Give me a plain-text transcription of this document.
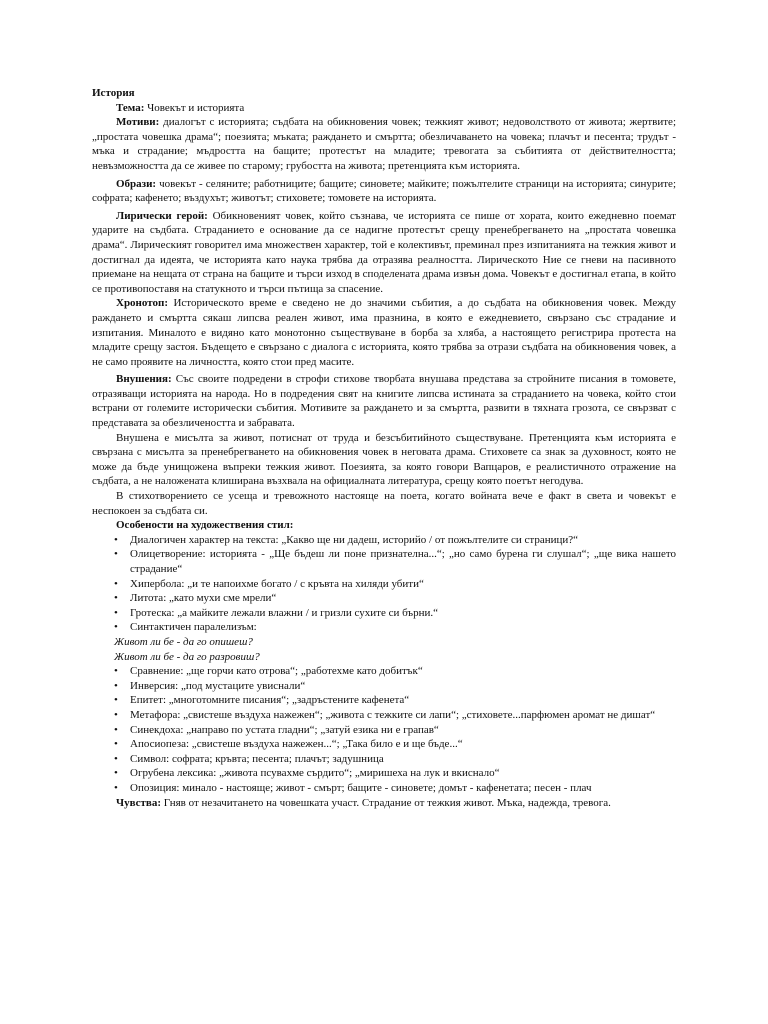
История

Тема: Човекът и историята

Мотиви: диалогът с историята; съдбата на обикновения човек; тежкият живот; недоволството от живота; жертвите; „простата човешка драма“; поезията; мъката; раждането и смъртта; обезличаването на човека; плачът и песента; трудът - мъка и страдание; мъдростта на бащите; протестът на младите; тревогата за събитията от действителността; невъзможността да се живее по старому; грубостта на живота; претенцията към историята.

Образи: човекът - селяните; работниците; бащите; синовете; майките; пожълтелите страници на историята; синурите; софрата; кафенето; въздухът; животът; стиховете; томовете на историята.

Лирически герой: Обикновеният човек, който съзнава, че историята се пише от хората, които ежедневно поемат ударите на съдбата. Страданието е основание да се надигне протестът срещу пренебрегването на „простата човешка драма“. Лирическият говорител има множествен характер, той е колективът, преминал през изпитанията на тежкия живот и достигнал да идеята, че историята като наука трябва да отразява реалността. Лирическото Ние се гневи на пасивното приемане на нещата от страна на бащите и търси изход в споделената драма извън дома. Човекът е достигнал етапа, в който се противопоставя на статукното и търси пътища за спасение.

Хронотоп: Историческото време е сведено не до значими събития, а до съдбата на обикновения човек. Между раждането и смъртта сякаш липсва реален живот, има празнина, в която е ежедневието, свързано със страдание и изпитания. Миналото е видяно като монотонно съществуване в борба за хляба, а настоящето регистрира протеста на младите срещу застоя. Бъдещето е свързано с диалога с историята, която трябва за отрази съдбата на обикновения човек, а не само проявите на личността, която стои пред масите.

Внушения: Със своите подредени в строфи стихове творбата внушава представа за стройните писания в томовете, отразяващи историята на народа. Но в подредения свят на книгите липсва истината за страданието на човека, който стои встрани от големите исторически събития. Мотивите за раждането и за смъртта, развити в тяхната грозота, се свързват с представата за обезличеността и забравата.

Внушена е мисълта за живот, потиснат от труда и безсъбитийното съществуване. Претенцията към историята е свързана с мисълта за пренебрегването на обикновения човек в неговата драма. Стиховете са знак за духовност, която не може да бъде унищожена въпреки тежкия живот. Поезията, за която говори Вапцаров, е реалистичното отражение на съдбата, а не наложената клиширана възхвала на официалната литература, срещу която поетът негодува.

В стихотворението се усеща и тревожното настояще на поета, когато войната вече е факт в света и човекът е неспокоен за съдбата си.

Особености на художествения стил:

•	Диалогичен характер на текста: „Какво ще ни дадеш, историйо / от пожълтелите си страници?“
•	Олицетворение: историята - „Ще бъдеш ли поне признателна...“; „но само бурена ги слушал“; „ще вика нашето страдание“
•	Хипербола: „и те напоихме богато / с кръвта на хиляди убити“
•	Литота: „като мухи сме мрели“
•	Гротеска: „а майките лежали влажни / и гризли сухите си бърни.“
•	Синтактичен паралелизъм:

Живот ли бе - да го опишеш?

Живот ли бе - да го разровиш?

•	Сравнение: „ще горчи като отрова“; „работехме като добитък“
•	Инверсия: „под мустаците увиснали“
•	Епитет: „многотомните писания“; „задръстените кафенета“
•	Метафора: „свистеше въздуха нажежен“; „живота с тежките си лапи“; „стиховете...парфюмен аромат не дишат“
•	Синекдоха: „направо по устата гладни“; „затуй езика ни е грапав“
•	Апосиопеза: „свистеше въздуха нажежен...“; „Така било е и ще бъде...“
•	Символ: софрата; кръвта; песента; плачът; задушница
•	Огрубена лексика: „живота псувахме сърдито“; „миришеха на лук и вкиснало“
•	Опозиция: минало - настояще; живот - смърт; бащите - синовете; домът - кафенетата; песен - плач

Чувства: Гняв от незачитането на човешката участ. Страдание от тежкия живот. Мъка, надежда, тревога.
